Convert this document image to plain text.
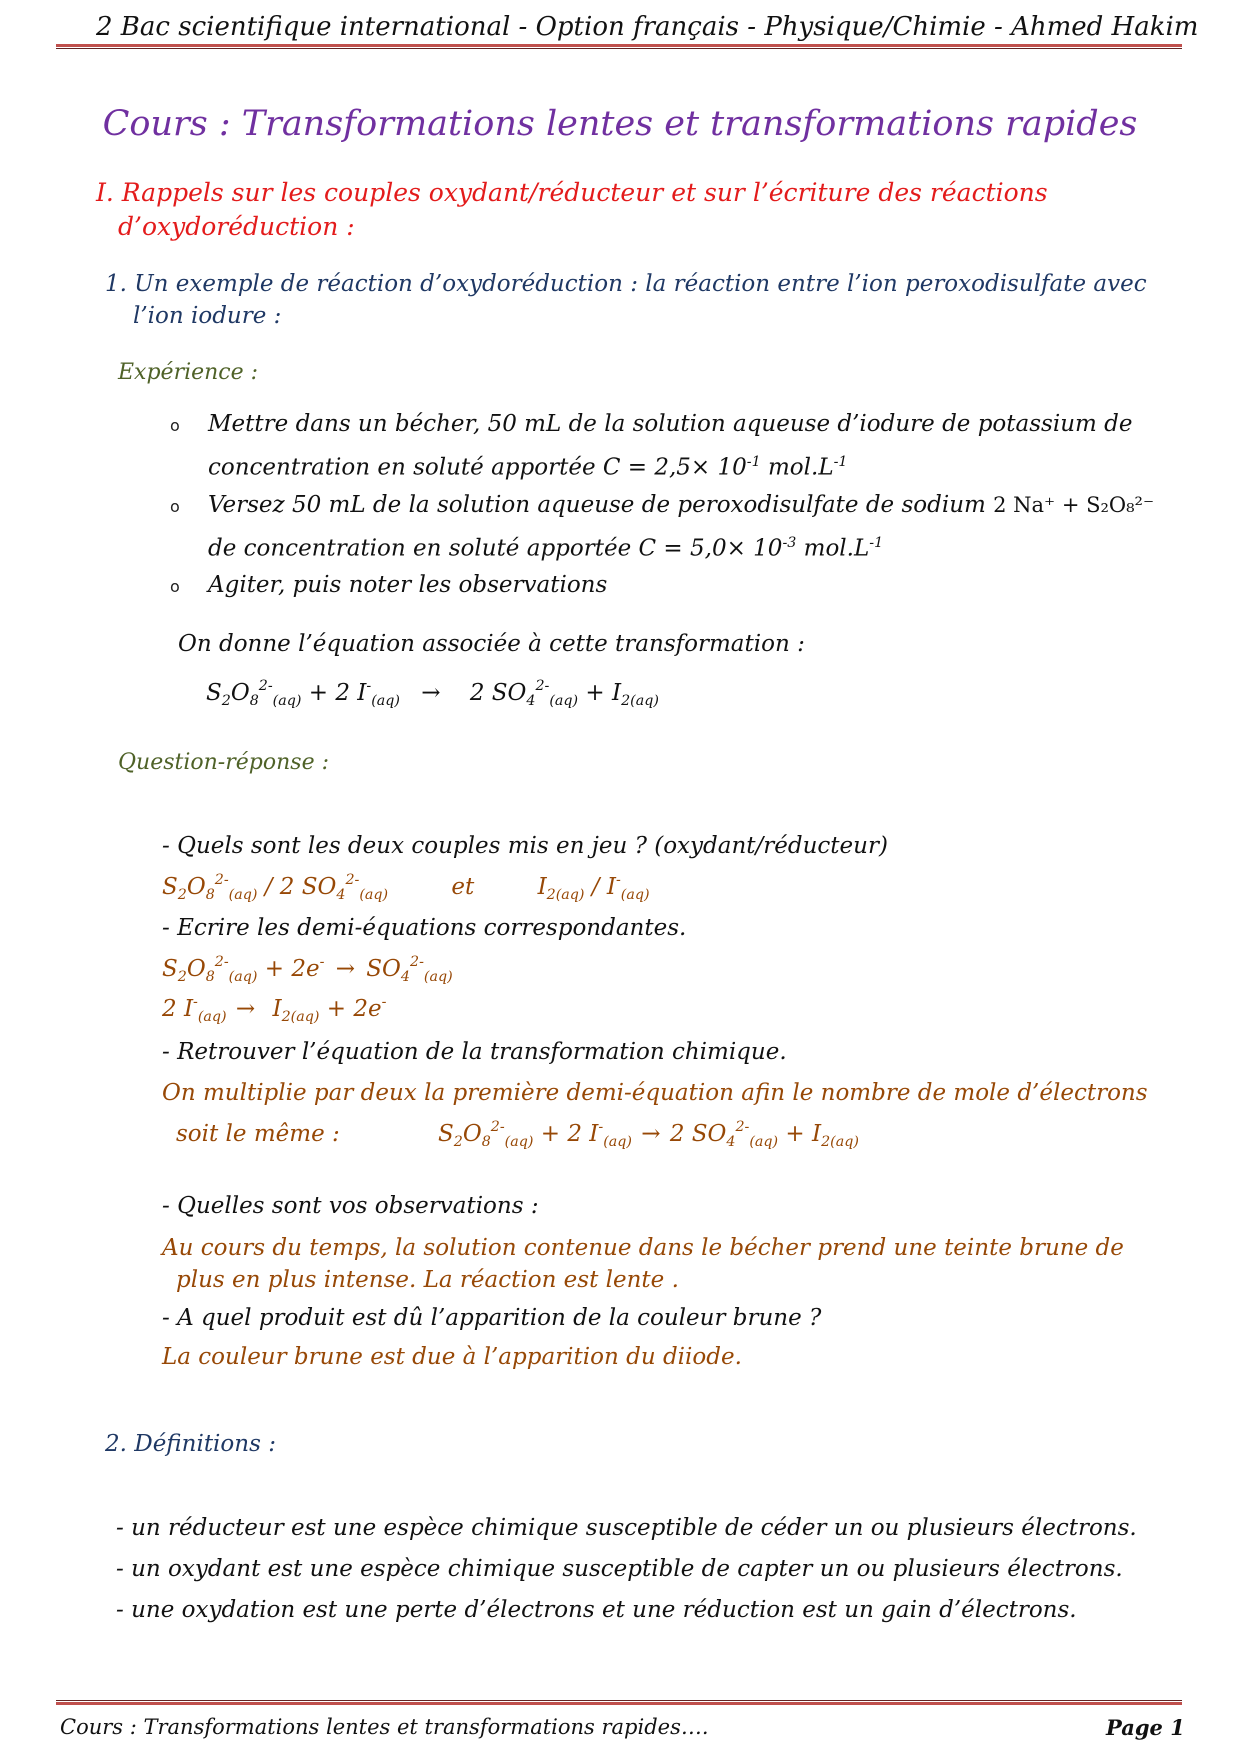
2 Bac scientifique international - Option français - Physique/Chimie - Ahmed Hakim
Cours : Transformations lentes et transformations rapides
I. Rappels sur les couples oxydant/réducteur et sur l’écriture des réactions
d’oxydoréduction :
1. Un exemple de réaction d’oxydoréduction : la réaction entre l’ion peroxodisulfate avec
l’ion iodure :
Expérience :
o Mettre dans un bécher, 50 mL de la solution aqueuse d’iodure de potassium de
concentration en soluté apportée $C = 2,5\times 10^{-1}$ $mol.L^{-1}$
o Versez 50 mL de la solution aqueuse de peroxodisulfate de sodium 2 Na⁺ + S₂O₈²⁻
de concentration en soluté apportée $C = 5,0\times 10^{-3}$ $mol.L^{-1}$
o Agiter, puis noter les observations
On donne l’équation associée à cette transformation :
$S_2O_8^{2-}_{(aq)} + 2$ $I^-_{(aq)} \to 2$ $SO_4^{2-}_{(aq)} + I_{2(aq)}$
Question-réponse :
- Quels sont les deux couples mis en jeu ? (oxydant/réducteur)
$S_2O_8^{2-}_{(aq)} / 2$ $SO_4^{2-}_{(aq)}$	et	$I_{2(aq)} / I^-_{(aq)}$
- Ecrire les demi-équations correspondantes.
$S_2O_8^{2-}_{(aq)} + 2e^- \to SO_4^{2-}_{(aq)}$
2 $I^-_{(aq)} \to I_{2(aq)} + 2e^-$
- Retrouver l’équation de la transformation chimique.
On multiplie par deux la première demi-équation afin le nombre de mole d’électrons
soit le même :	$S_2O_8^{2-}_{(aq)} + 2$ $I^-_{(aq)} \to 2$ $SO_4^{2-}_{(aq)} + I_{2(aq)}$
- Quelles sont vos observations :
Au cours du temps, la solution contenue dans le bécher prend une teinte brune de
plus en plus intense. La réaction est lente .
- A quel produit est dû l’apparition de la couleur brune ?
La couleur brune est due à l’apparition du diiode.
2. Définitions :
- un réducteur est une espèce chimique susceptible de céder un ou plusieurs électrons.
- un oxydant est une espèce chimique susceptible de capter un ou plusieurs électrons.
- une oxydation est une perte d’électrons et une réduction est un gain d’électrons.
Cours : Transformations lentes et transformations rapides….	Page 1
